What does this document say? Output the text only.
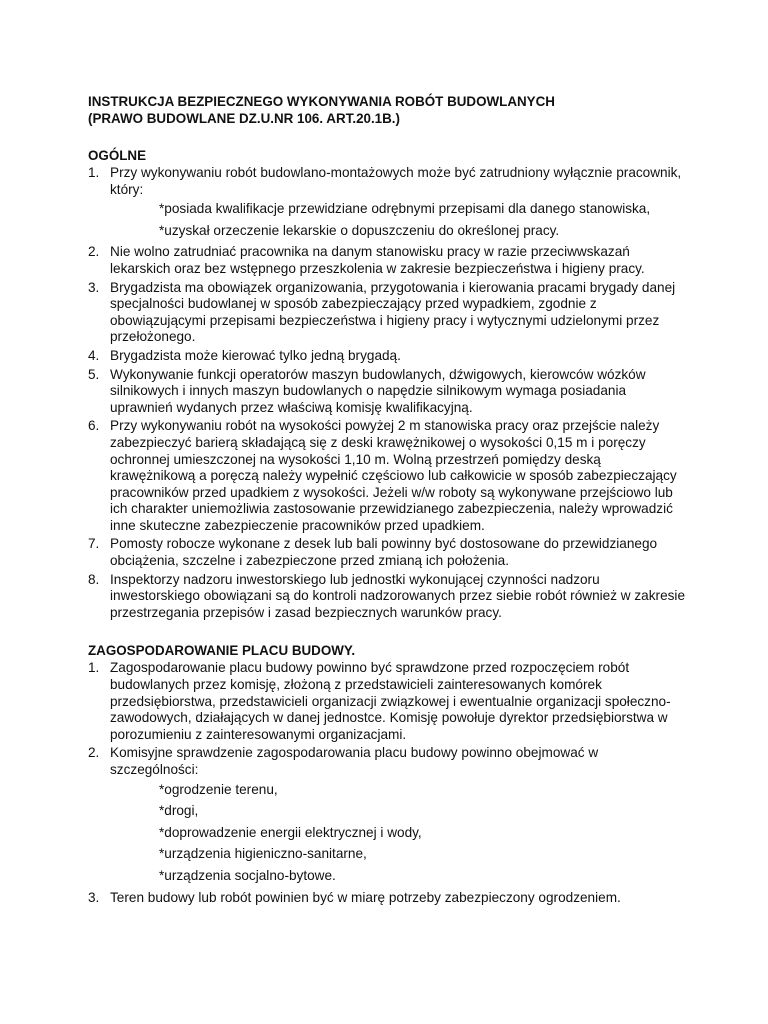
INSTRUKCJA BEZPIECZNEGO WYKONYWANIA ROBÓT BUDOWLANYCH

(PRAWO BUDOWLANE DZ.U.NR 106. ART.20.1B.)

OGÓLNE

1. Przy wykonywaniu robót budowlano-montażowych może być zatrudniony wyłącznie pracownik, który:
*posiada kwalifikacje przewidziane odrębnymi przepisami dla danego stanowiska,
*uzyskał orzeczenie lekarskie o dopuszczeniu do określonej pracy.
2. Nie wolno zatrudniać pracownika na danym stanowisku pracy w razie przeciwwskazań lekarskich oraz bez wstępnego przeszkolenia w zakresie bezpieczeństwa i higieny pracy.
3. Brygadzista ma obowiązek organizowania, przygotowania i kierowania pracami brygady danej specjalności budowlanej w sposób zabezpieczający przed wypadkiem, zgodnie z obowiązującymi przepisami bezpieczeństwa i higieny pracy i wytycznymi udzielonymi przez przełożonego.
4. Brygadzista może kierować tylko jedną brygadą.
5. Wykonywanie funkcji operatorów maszyn budowlanych, dźwigowych, kierowców wózków silnikowych i innych maszyn budowlanych o napędzie silnikowym wymaga posiadania uprawnień wydanych przez właściwą komisję kwalifikacyjną.
6. Przy wykonywaniu robót na wysokości powyżej 2 m stanowiska pracy oraz przejście należy zabezpieczyć barierą składającą się z deski krawężnikowej o wysokości 0,15 m i poręczy ochronnej umieszczonej na wysokości 1,10 m. Wolną przestrzeń pomiędzy deską krawężnikową a poręczą należy wypełnić częściowo lub całkowicie w sposób zabezpieczający pracowników przed upadkiem z wysokości. Jeżeli w/w roboty są wykonywane przejściowo lub ich charakter uniemożliwia zastosowanie przewidzianego zabezpieczenia, należy wprowadzić inne skuteczne zabezpieczenie pracowników przed upadkiem.
7. Pomosty robocze wykonane z desek lub bali powinny być dostosowane do przewidzianego obciążenia, szczelne i zabezpieczone przed zmianą ich położenia.
8. Inspektorzy nadzoru inwestorskiego lub jednostki wykonującej czynności nadzoru inwestorskiego obowiązani są do kontroli nadzorowanych przez siebie robót również w zakresie przestrzegania przepisów i zasad bezpiecznych warunków pracy.

ZAGOSPODAROWANIE PLACU BUDOWY.

1. Zagospodarowanie placu budowy powinno być sprawdzone przed rozpoczęciem robót budowlanych przez komisję, złożoną z przedstawicieli zainteresowanych komórek przedsiębiorstwa, przedstawicieli organizacji związkowej i ewentualnie organizacji społeczno-zawodowych, działających w danej jednostce. Komisję powołuje dyrektor przedsiębiorstwa w porozumieniu z zainteresowanymi organizacjami.
2. Komisyjne sprawdzenie zagospodarowania placu budowy powinno obejmować w szczególności:
*ogrodzenie terenu,
*drogi,
*doprowadzenie energii elektrycznej i wody,
*urządzenia higieniczno-sanitarne,
*urządzenia socjalno-bytowe.
3. Teren budowy lub robót powinien być w miarę potrzeby zabezpieczony ogrodzeniem.
